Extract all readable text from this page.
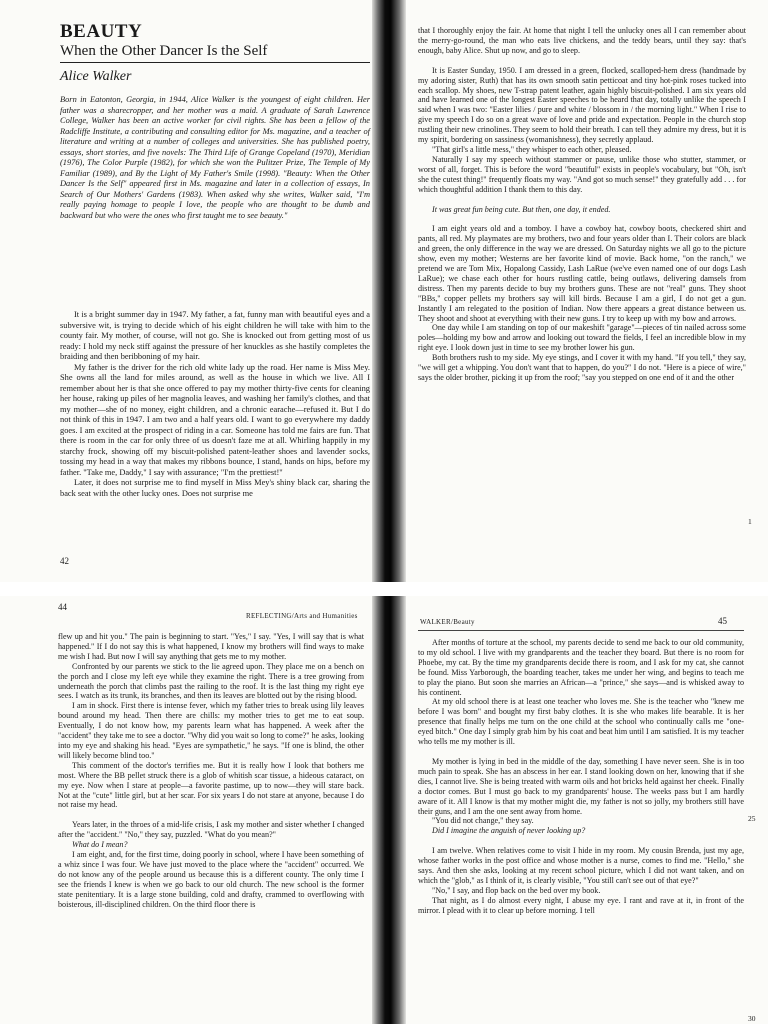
BEAUTY
When the Other Dancer Is the Self
Alice Walker

Born in Eatonton, Georgia, in 1944, Alice Walker is the youngest of eight children. Her father was a sharecropper, and her mother was a maid. A graduate of Sarah Lawrence College, Walker has been an active worker for civil rights. She has been a fellow of the Radcliffe Institute, a contributing and consulting editor for Ms. magazine, and a teacher of literature and writing at a number of colleges and universities. She has published poetry, essays, short stories, and five novels: The Third Life of Grange Copeland (1970), Meridian (1976), The Color Purple (1982), for which she won the Pulitzer Prize, The Temple of My Familiar (1989), and By the Light of My Father's Smile (1998). "Beauty: When the Other Dancer Is the Self" appeared first in Ms. magazine and later in a collection of essays, In Search of Our Mothers' Gardens (1983). When asked why she writes, Walker said, "I'm really paying homage to people I love, the people who are thought to be dumb and backward but who were the ones who first taught me to see beauty."

It is a bright summer day in 1947. My father, a fat, funny man with beautiful eyes and a subversive wit, is trying to decide which of his eight children he will take with him to the county fair. My mother, of course, will not go. She is knocked out from getting most of us ready: I hold my neck stiff against the pressure of her knuckles as she hastily completes the braiding and then beribboning of my hair.

My father is the driver for the rich old white lady up the road. Her name is Miss Mey. She owns all the land for miles around, as well as the house in which we live. All I remember about her is that she once offered to pay my mother thirty-five cents for cleaning her house, raking up piles of her magnolia leaves, and washing her family's clothes, and that my mother—she of no money, eight children, and a chronic earache—refused it. But I do not think of this in 1947. I am two and a half years old. I want to go everywhere my daddy goes. I am excited at the prospect of riding in a car. Someone has told me fairs are fun. That there is room in the car for only three of us doesn't faze me at all. Whirling happily in my starchy frock, showing off my biscuit-polished patent-leather shoes and lavender socks, tossing my head in a way that makes my ribbons bounce, I stand, hands on hips, before my father. "Take me, Daddy," I say with assurance; "I'm the prettiest!"

Later, it does not surprise me to find myself in Miss Mey's shiny black car, sharing the back seat with the other lucky ones. Does not surprise me

42

that I thoroughly enjoy the fair. At home that night I tell the unlucky ones all I can remember about the merry-go-round, the man who eats live chickens, and the teddy bears, until they say: that's enough, baby Alice. Shut up now, and go to sleep.

It is Easter Sunday, 1950. I am dressed in a green, flocked, scalloped-hem dress (handmade by my adoring sister, Ruth) that has its own smooth satin petticoat and tiny hot-pink roses tucked into each scallop. My shoes, new T-strap patent leather, again highly biscuit-polished. I am six years old and have learned one of the longest Easter speeches to be heard that day, totally unlike the speech I said when I was two: "Easter lilies / pure and white / blossom in / the morning light." When I rise to give my speech I do so on a great wave of love and pride and expectation. People in the church stop rustling their new crinolines. They seem to hold their breath. I can tell they admire my dress, but it is my spirit, bordering on sassiness (womanishness), they secretly applaud.

"That girl's a little mess," they whisper to each other, pleased.

Naturally I say my speech without stammer or pause, unlike those who stutter, stammer, or worst of all, forget. This is before the word "beautiful" exists in people's vocabulary, but "Oh, isn't she the cutest thing!" frequently floats my way. "And got so much sense!" they gratefully add . . . for which thoughtful addition I thank them to this day.

It was great fun being cute. But then, one day, it ended.

I am eight years old and a tomboy. I have a cowboy hat, cowboy boots, checkered shirt and pants, all red. My playmates are my brothers, two and four years older than I. Their colors are black and green, the only difference in the way we are dressed. On Saturday nights we all go to the picture show, even my mother; Westerns are her favorite kind of movie. Back home, "on the ranch," we pretend we are Tom Mix, Hopalong Cassidy, Lash LaRue (we've even named one of our dogs Lash LaRue); we chase each other for hours rustling cattle, being outlaws, delivering damsels from distress. Then my parents decide to buy my brothers guns. These are not "real" guns. They shoot "BBs," copper pellets my brothers say will kill birds. Because I am a girl, I do not get a gun. Instantly I am relegated to the position of Indian. Now there appears a great distance between us. They shoot and shoot at everything with their new guns. I try to keep up with my bow and arrows.

One day while I am standing on top of our makeshift "garage"—pieces of tin nailed across some poles—holding my bow and arrow and looking out toward the fields, I feel an incredible blow in my right eye. I look down just in time to see my brother lower his gun.

Both brothers rush to my side. My eye stings, and I cover it with my hand. "If you tell," they say, "we will get a whipping. You don't want that to happen, do you?" I do not. "Here is a piece of wire," says the older brother, picking it up from the roof; "say you stepped on one end of it and the other

1
44
REFLECTING/Arts and Humanities

flew up and hit you." The pain is beginning to start. "Yes," I say. "Yes, I will say that is what happened." If I do not say this is what happened, I know my brothers will find ways to make me wish I had. But now I will say anything that gets me to my mother.

Confronted by our parents we stick to the lie agreed upon. They place me on a bench on the porch and I close my left eye while they examine the right. There is a tree growing from underneath the porch that climbs past the railing to the roof. It is the last thing my right eye sees. I watch as its trunk, its branches, and then its leaves are blotted out by the rising blood.

I am in shock. First there is intense fever, which my father tries to break using lily leaves bound around my head. Then there are chills: my mother tries to get me to eat soup. Eventually, I do not know how, my parents learn what has happened. A week after the "accident" they take me to see a doctor. "Why did you wait so long to come?" he asks, looking into my eye and shaking his head. "Eyes are sympathetic," he says. "If one is blind, the other will likely become blind too."

This comment of the doctor's terrifies me. But it is really how I look that bothers me most. Where the BB pellet struck there is a glob of whitish scar tissue, a hideous cataract, on my eye. Now when I stare at people—a favorite pastime, up to now—they will stare back. Not at the "cute" little girl, but at her scar. For six years I do not stare at anyone, because I do not raise my head.

Years later, in the throes of a mid-life crisis, I ask my mother and sister whether I changed after the "accident." "No," they say, puzzled. "What do you mean?"

What do I mean?

I am eight, and, for the first time, doing poorly in school, where I have been something of a whiz since I was four. We have just moved to the place where the "accident" occurred. We do not know any of the people around us because this is a different county. The only time I see the friends I knew is when we go back to our old church. The new school is the former state penitentiary. It is a large stone building, cold and drafty, crammed to overflowing with boisterous, ill-disciplined children. On the third floor there is

WALKER/Beauty	45

After months of torture at the school, my parents decide to send me back to our old community, to my old school. I live with my grandparents and the teacher they board. But there is no room for Phoebe, my cat. By the time my grandparents decide there is room, and I ask for my cat, she cannot be found. Miss Yarborough, the boarding teacher, takes me under her wing, and begins to teach me to play the piano. But soon she marries an African—a "prince," she says—and is whisked away to his continent.

At my old school there is at least one teacher who loves me. She is the teacher who "knew me before I was born" and bought my first baby clothes. It is she who makes life bearable. It is her presence that finally helps me turn on the one child at the school who continually calls me "one-eyed bitch." One day I simply grab him by his coat and beat him until I am satisfied. It is my teacher who tells me my mother is ill.

My mother is lying in bed in the middle of the day, something I have never seen. She is in too much pain to speak. She has an abscess in her ear. I stand looking down on her, knowing that if she dies, I cannot live. She is being treated with warm oils and hot bricks held against her cheek. Finally a doctor comes. But I must go back to my grandparents' house. The weeks pass but I am hardly aware of it. All I know is that my mother might die, my father is not so jolly, my brothers still have their guns, and I am the one sent away from home.

"You did not change," they say.

Did I imagine the anguish of never looking up?

I am twelve. When relatives come to visit I hide in my room. My cousin Brenda, just my age, whose father works in the post office and whose mother is a nurse, comes to find me. "Hello," she says. And then she asks, looking at my recent school picture, which I did not want taken, and on which the "glob," as I think of it, is clearly visible, "You still can't see out of that eye?"

"No," I say, and flop back on the bed over my book.

That night, as I do almost every night, I abuse my eye. I rant and rave at it, in front of the mirror. I plead with it to clear up before morning. I tell

25
30
